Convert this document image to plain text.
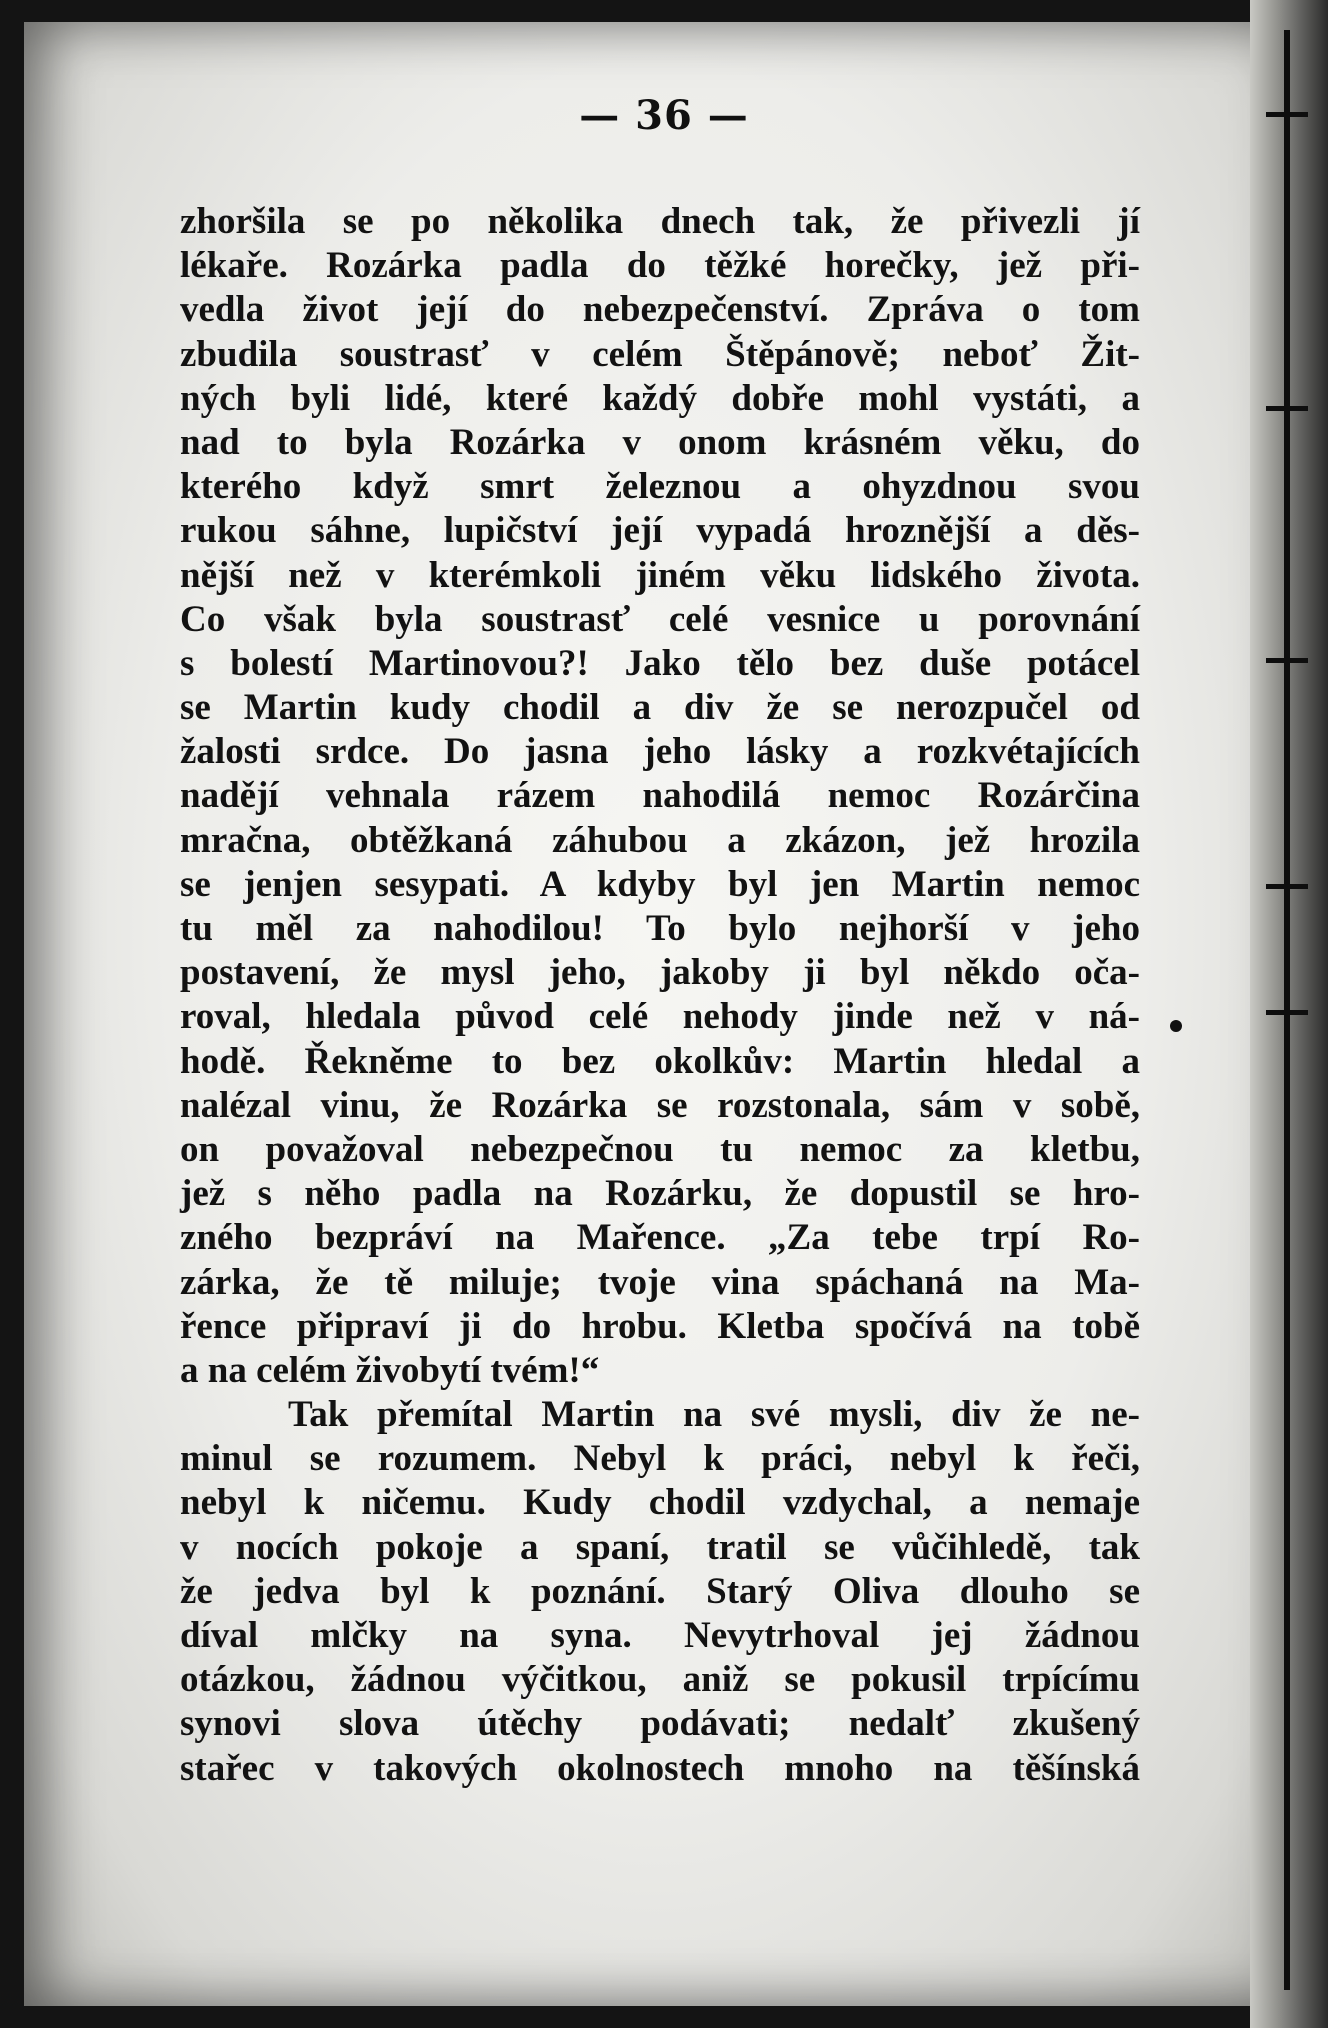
— 36 —
zhoršila se po několika dnech tak, že přivezli jí
lékaře. Rozárka padla do těžké horečky, jež při-
vedla život její do nebezpečenství. Zpráva o tom
zbudila soustrasť v celém Štěpánově; neboť Žit-
ných byli lidé, které každý dobře mohl vystáti, a
nad to byla Rozárka v onom krásném věku, do
kterého když smrt železnou a ohyzdnou svou
rukou sáhne, lupičství její vypadá hroznější a děs-
nější než v kterémkoli jiném věku lidského života.
Co však byla soustrasť celé vesnice u porovnání
s bolestí Martinovou?! Jako tělo bez duše potácel
se Martin kudy chodil a div že se nerozpučel od
žalosti srdce. Do jasna jeho lásky a rozkvétajících
nadějí vehnala rázem nahodilá nemoc Rozárčina
mračna, obtěžkaná záhubou a zkázon, jež hrozila
se jenjen sesypati. A kdyby byl jen Martin nemoc
tu měl za nahodilou! To bylo nejhorší v jeho
postavení, že mysl jeho, jakoby ji byl někdo oča-
roval, hledala původ celé nehody jinde než v ná-
hodě. Řekněme to bez okolkův: Martin hledal a
nalézal vinu, že Rozárka se rozstonala, sám v sobě,
on považoval nebezpečnou tu nemoc za kletbu,
jež s něho padla na Rozárku, že dopustil se hro-
zného bezpráví na Mařence. „Za tebe trpí Ro-
zárka, že tě miluje; tvoje vina spáchaná na Ma-
řence připraví ji do hrobu. Kletba spočívá na tobě
a na celém živobytí tvém!“
Tak přemítal Martin na své mysli, div že ne-
minul se rozumem. Nebyl k práci, nebyl k řeči,
nebyl k ničemu. Kudy chodil vzdychal, a nemaje
v nocích pokoje a spaní, tratil se vůčihledě, tak
že jedva byl k poznání. Starý Oliva dlouho se
díval mlčky na syna. Nevytrhoval jej žádnou
otázkou, žádnou výčitkou, aniž se pokusil trpícímu
synovi slova útěchy podávati; nedalť zkušený
stařec v takových okolnostech mnoho na těšínská
